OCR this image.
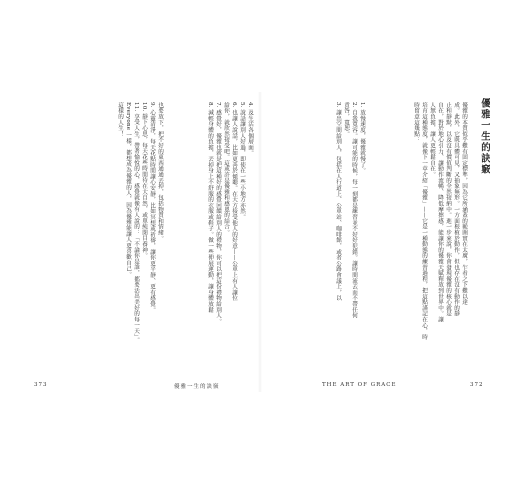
4. 及生活各個層面。
5. 說話讓別人好過，即使在一些小地方亦然。
6. 也讓人說話，比如更善於傾聽。在大方接受他人的好意——公車上有人讓位
給你，就欣然接受吧。這或許是優雅和感恩的結合。
7. 感覺好，優雅也就是把這種好的感覺回饋給別人的禮物，你可以把這份禮物給別人。
8. 減輕身體的負擔，丟掉身上不舒服的衣服或鞋子。做一些伸展運動，讓身體放鬆
也要放下，把不好的東西通通丟掉，包括物質和情緒。
9. 心靈清淨，每天花點時間讓心安靜，比如冥想或祈禱，讓你更平靜、更有感覺。
10. 靜下心思，每天花些時間待在大自然，或單純閉目養神。
11. 享受人生，帶著愉悅的心，感覺就像有人說的：「不論你是誰，都要活出美好的每一天」。
Everyone 一樣，都想成為優雅的人，因為優雅能讓人更喜歡自己。
這樣的人生！
373	優雅一生的訣竅
優雅一生的訣竅
優雅的本質似乎難有固定標準，因為它所涵蓋的範圍實在太廣，乍看之下難以達
成。此外，它既具體可見，又抽象無形。一方面根植於動作，但也存在沒有動作的靜
止和靜默，以及沒有價值判斷的全然接納中。進一步來說，你會發現優雅的核心就是
自在，對於地心引力、讓動作流暢、降低摩擦感，能讓你的優雅天賦釋放到世界中。讓
人無負擔，讓人更輕鬆自在。
培育這種態度，就像下一章介紹「優雅」——它是一種動態的練習過程，把這點謹記在心，時
時留意這幾點：
1. 放慢速度，優雅就慢了。
2. 自我寬容。讓可能的時候，每一刻都是練習並不好好犯錯。讓時間流去而不帶任何
責咎，寬恕。
3. 讓出空間給別人，包括在人行道上、公車站、咖啡館，或者公路會議上，以
THE ART OF GRACE	372
